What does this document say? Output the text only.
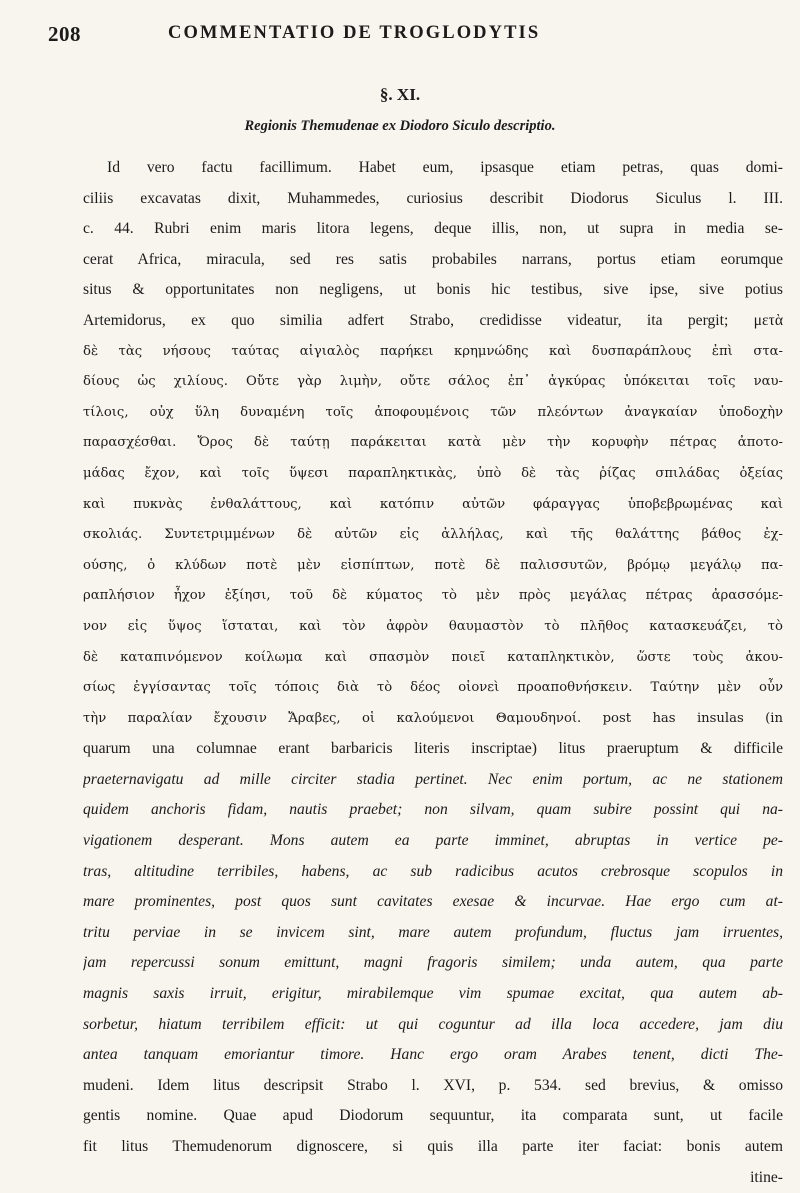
208	COMMENTATIO DE TROGLODYTIS
§. XI.
Regionis Themudenae ex Diodoro Siculo descriptio.
Id vero factu facillimum. Habet eum, ipsasque etiam petras, quas domi-
ciliis excavatas dixit, Muhammedes, curiosius describit Diodorus Siculus l. III.
c. 44. Rubri enim maris litora legens, deque illis, non, ut supra in media se-
cerat Africa, miracula, sed res satis probabiles narrans, portus etiam eorumque
situs & opportunitates non negligens, ut bonis hic testibus, sive ipse, sive potius
Artemidorus, ex quo similia adfert Strabo, credidisse videatur, ita pergit; μετὰ
δὲ τὰς νήσους ταύτας αἰγιαλὸς παρήκει κρημνώδης καὶ δυσπαράπλους ἐπὶ στα-
δίους ὡς χιλίους. Οὔτε γὰρ λιμὴν, οὔτε σάλος ἐπ᾽ ἀγκύρας ὑπόκειται τοῖς ναυ-
τίλοις, οὐχ ὕλη δυναμένη τοῖς ἀποφουμένοις τῶν πλεόντων ἀναγκαίαν ὑποδοχὴν
παρασχέσθαι. Ὄρος δὲ ταύτῃ παράκειται κατὰ μὲν τὴν κορυφὴν πέτρας ἀποτο-
μάδας ἔχον, καὶ τοῖς ὕψεσι παραπληκτικὰς, ὑπὸ δὲ τὰς ῥίζας σπιλάδας ὀξείας
καὶ πυκνὰς ἐνθαλάττους, καὶ κατόπιν αὐτῶν φάραγγας ὑποβεβρωμένας καὶ
σκολιάς. Συντετριμμένων δὲ αὐτῶν εἰς ἀλλήλας, καὶ τῆς θαλάττης βάθος ἐχ-
ούσης, ὁ κλύδων ποτὲ μὲν εἰσπίπτων, ποτὲ δὲ παλισσυτῶν, βρόμῳ μεγάλῳ πα-
ραπλήσιον ἦχον ἐξίησι, τοῦ δὲ κύματος τὸ μὲν πρὸς μεγάλας πέτρας ἀρασσόμε-
νον εἰς ὕψος ἵσταται, καὶ τὸν ἀφρὸν θαυμαστὸν τὸ πλῆθος κατασκευάζει, τὸ
δὲ καταπινόμενον κοίλωμα καὶ σπασμὸν ποιεῖ καταπληκτικὸν, ὥστε τοὺς ἀκου-
σίως ἐγγίσαντας τοῖς τόποις διὰ τὸ δέος οἱονεὶ προαποθνήσκειν. Ταύτην μὲν οὖν
τὴν παραλίαν ἔχουσιν Ἄραβες, οἱ καλούμενοι Θαμουδηνοί. post has insulas (in
quarum una columnae erant barbaricis literis inscriptae) litus praeruptum & difficile
praeternavigatu ad mille circiter stadia pertinet. Nec enim portum, ac ne stationem
quidem anchoris fidam, nautis praebet; non silvam, quam subire possint qui na-
vigationem desperant. Mons autem ea parte imminet, abruptas in vertice pe-
tras, altitudine terribiles, habens, ac sub radicibus acutos crebrosque scopulos in
mare prominentes, post quos sunt cavitates exesae & incurvae. Hae ergo cum at-
tritu perviae in se invicem sint, mare autem profundum, fluctus jam irruentes,
jam repercussi sonum emittunt, magni fragoris similem; unda autem, qua parte
magnis saxis irruit, erigitur, mirabilemque vim spumae excitat, qua autem ab-
sorbetur, hiatum terribilem efficit: ut qui coguntur ad illa loca accedere, jam diu
antea tanquam emoriantur timore. Hanc ergo oram Arabes tenent, dicti The-
mudeni. Idem litus descripsit Strabo l. XVI, p. 534. sed brevius, & omisso
gentis nomine. Quae apud Diodorum sequuntur, ita comparata sunt, ut facile
fit litus Themudenorum dignoscere, si quis illa parte iter faciat: bonis autem
itine-
